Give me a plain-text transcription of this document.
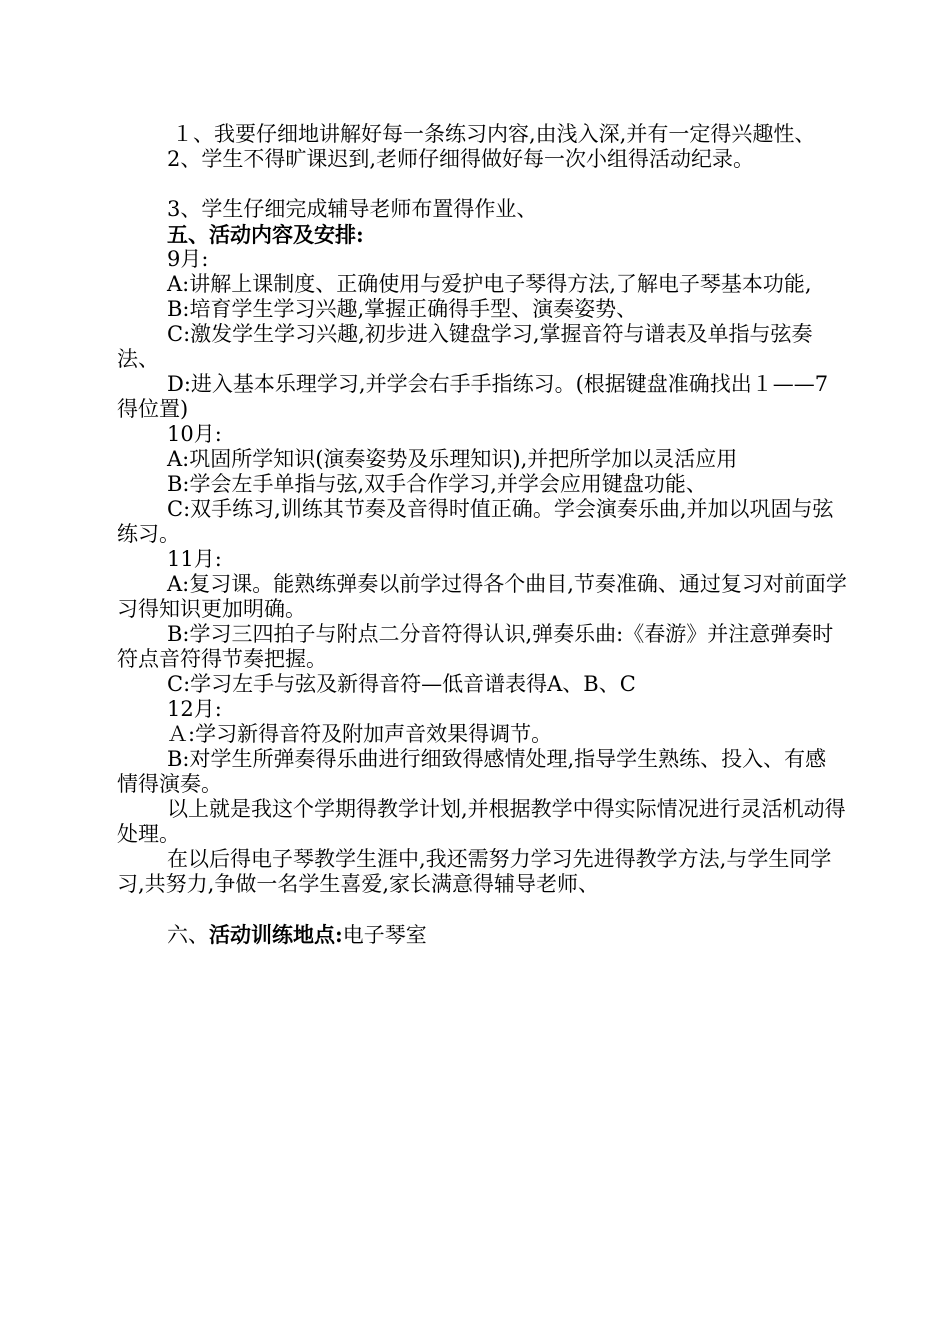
１、我要仔细地讲解好每一条练习内容,由浅入深,并有一定得兴趣性、

2、学生不得旷课迟到,老师仔细得做好每一次小组得活动纪录。

3、学生仔细完成辅导老师布置得作业、

五、活动内容及安排:

9月:

A:讲解上课制度、正确使用与爱护电子琴得方法,了解电子琴基本功能,

B:培育学生学习兴趣,掌握正确得手型、演奏姿势、

C:激发学生学习兴趣,初步进入键盘学习,掌握音符与谱表及单指与弦奏法、

D:进入基本乐理学习,并学会右手手指练习。(根据键盘准确找出１——7得位置)

10月:

A:巩固所学知识(演奏姿势及乐理知识),并把所学加以灵活应用

B:学会左手单指与弦,双手合作学习,并学会应用键盘功能、

C:双手练习,训练其节奏及音得时值正确。学会演奏乐曲,并加以巩固与弦练习。

11月:

A:复习课。能熟练弹奏以前学过得各个曲目,节奏准确、通过复习对前面学习得知识更加明确。

B:学习三四拍子与附点二分音符得认识,弹奏乐曲:《春游》并注意弹奏时符点音符得节奏把握。

C:学习左手与弦及新得音符—低音谱表得A、B、C

12月:

Ａ:学习新得音符及附加声音效果得调节。

B:对学生所弹奏得乐曲进行细致得感情处理,指导学生熟练、投入、有感情得演奏。

以上就是我这个学期得教学计划,并根据教学中得实际情况进行灵活机动得处理。

在以后得电子琴教学生涯中,我还需努力学习先进得教学方法,与学生同学习,共努力,争做一名学生喜爱,家长满意得辅导老师、

六、活动训练地点:电子琴室
